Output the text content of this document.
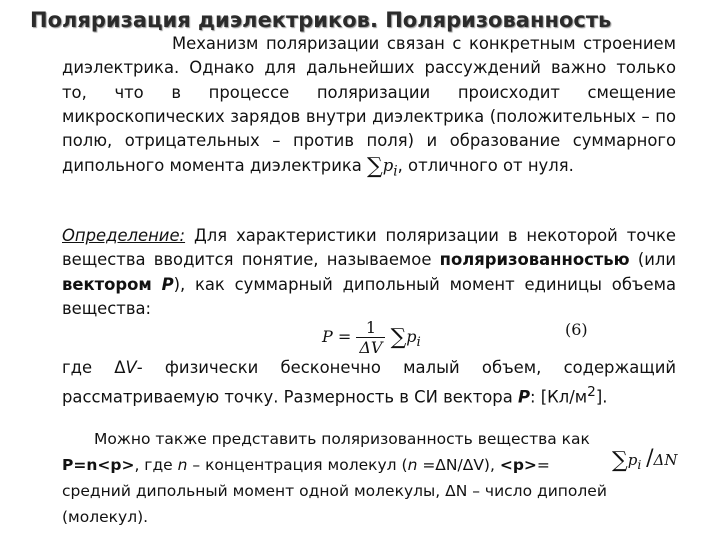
Поляризация диэлектриков. Поляризованность
Механизм поляризации связан с конкретным строением диэлектрика. Однако для дальнейших рассуждений важно только то, что в процессе поляризации происходит смещение микроскопических зарядов внутри диэлектрика (положительных – по полю, отрицательных – против поля) и образование суммарного дипольного момента диэлектрика $\sum p_i$, отличного от нуля.
Определение: Для характеристики поляризации в некоторой точке вещества вводится понятие, называемое поляризованностью (или вектором P), как суммарный дипольный момент единицы объема вещества:
$P = \frac{1}{\Delta V} \sum p_i$
(6)
где ΔV- физически бесконечно малый объем, содержащий рассматриваемую точку. Размерность в СИ вектора P: $[Кл/м^2]$.
Можно также представить поляризованность вещества как
P=n<p>, где n – концентрация молекул (n =ΔN/ΔV), <p>=
средний дипольный момент одной молекулы, ΔN – число диполей (молекул).
$\sum p_i$ /ΔN
